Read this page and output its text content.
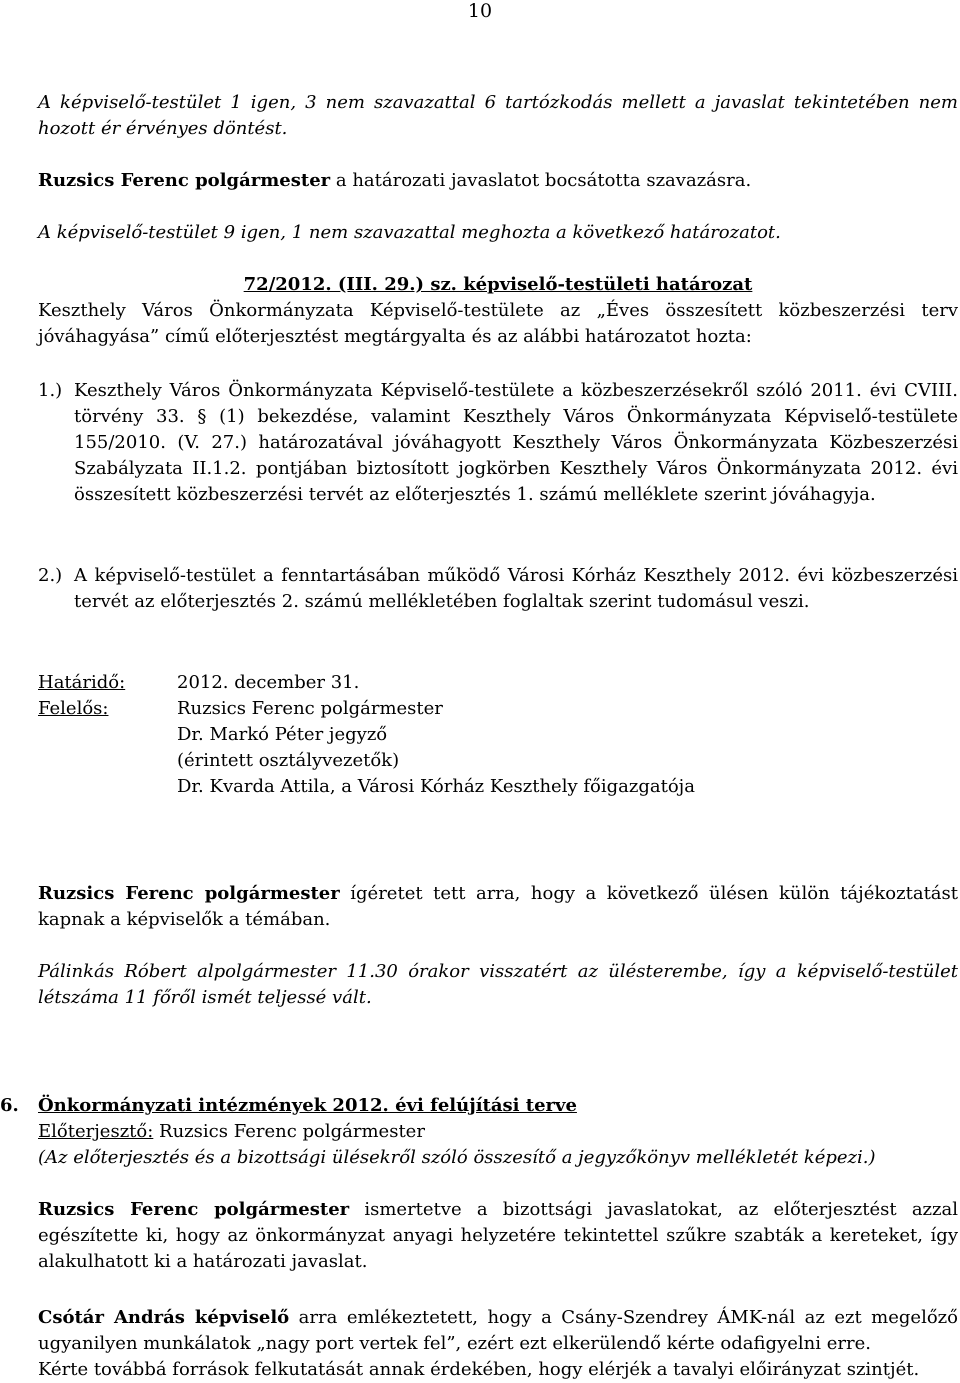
10

A képviselő-testület 1 igen, 3 nem szavazattal 6 tartózkodás mellett a javaslat tekintetében nem hozott ér érvényes döntést.

Ruzsics Ferenc polgármester a határozati javaslatot bocsátotta szavazásra.

A képviselő-testület 9 igen, 1 nem szavazattal meghozta a következő határozatot.

72/2012. (III. 29.) sz. képviselő-testületi határozat

Keszthely Város Önkormányzata Képviselő-testülete az „Éves összesített közbeszerzési terv jóváhagyása” című előterjesztést megtárgyalta és az alábbi határozatot hozta:

1.) Keszthely Város Önkormányzata Képviselő-testülete a közbeszerzésekről szóló 2011. évi CVIII. törvény 33. § (1) bekezdése, valamint Keszthely Város Önkormányzata Képviselő-testülete 155/2010. (V. 27.) határozatával jóváhagyott Keszthely Város Önkormányzata Közbeszerzési Szabályzata II.1.2. pontjában biztosított jogkörben Keszthely Város Önkormányzata 2012. évi összesített közbeszerzési tervét az előterjesztés 1. számú melléklete szerint jóváhagyja.
2.) A képviselő-testület a fenntartásában működő Városi Kórház Keszthely 2012. évi közbeszerzési tervét az előterjesztés 2. számú mellékletében foglaltak szerint tudomásul veszi.
Határidő:	2012. december 31.
Felelős:	Ruzsics Ferenc polgármester
Dr. Markó Péter jegyző
(érintett osztályvezetők)
Dr. Kvarda Attila, a Városi Kórház Keszthely főigazgatója

Ruzsics Ferenc polgármester ígéretet tett arra, hogy a következő ülésen külön tájékoztatást kapnak a képviselők a témában.

Pálinkás Róbert alpolgármester 11.30 órakor visszatért az ülésterembe, így a képviselő-testület létszáma 11 főről ismét teljessé vált.

6. Önkormányzati intézmények 2012. évi felújítási terve

Előterjesztő: Ruzsics Ferenc polgármester

(Az előterjesztés és a bizottsági ülésekről szóló összesítő a jegyzőkönyv mellékletét képezi.)

Ruzsics Ferenc polgármester ismertetve a bizottsági javaslatokat, az előterjesztést azzal egészítette ki, hogy az önkormányzat anyagi helyzetére tekintettel szűkre szabták a kereteket, így alakulhatott ki a határozati javaslat.

Csótár András képviselő arra emlékeztetett, hogy a Csány-Szendrey ÁMK-nál az ezt megelőző ugyanilyen munkálatok „nagy port vertek fel”, ezért ezt elkerülendő kérte odafigyelni erre.

Kérte továbbá források felkutatását annak érdekében, hogy elérjék a tavalyi előirányzat szintjét.
